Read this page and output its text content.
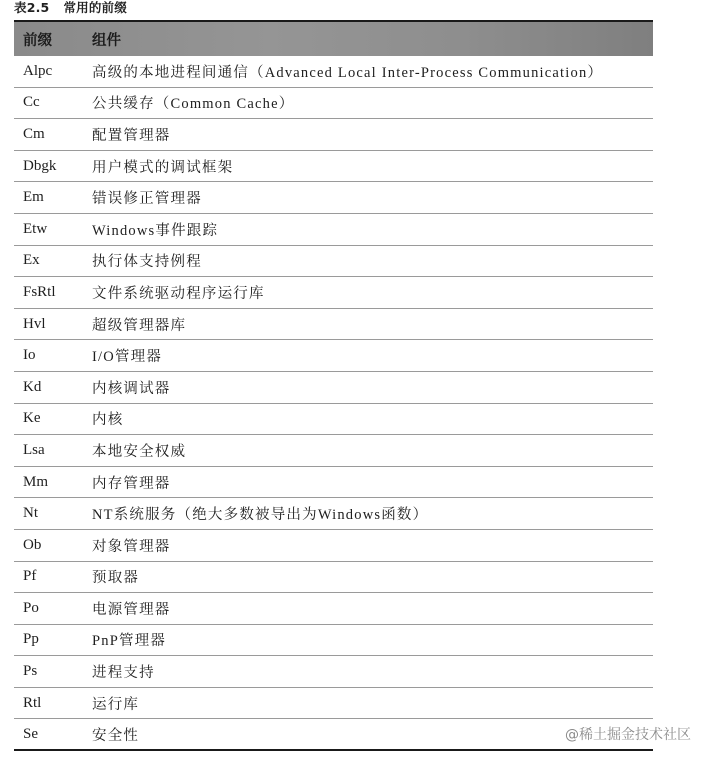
表2.5 常用的前缀
前缀	组件
Alpc	高级的本地进程间通信（Advanced Local Inter-Process Communication）
Cc	公共缓存（Common Cache）
Cm	配置管理器
Dbgk	用户模式的调试框架
Em	错误修正管理器
Etw	Windows事件跟踪
Ex	执行体支持例程
FsRtl	文件系统驱动程序运行库
Hvl	超级管理器库
Io	I/O管理器
Kd	内核调试器
Ke	内核
Lsa	本地安全权威
Mm	内存管理器
Nt	NT系统服务（绝大多数被导出为Windows函数）
Ob	对象管理器
Pf	预取器
Po	电源管理器
Pp	PnP管理器
Ps	进程支持
Rtl	运行库
Se	安全性	@稀土掘金技术社区
